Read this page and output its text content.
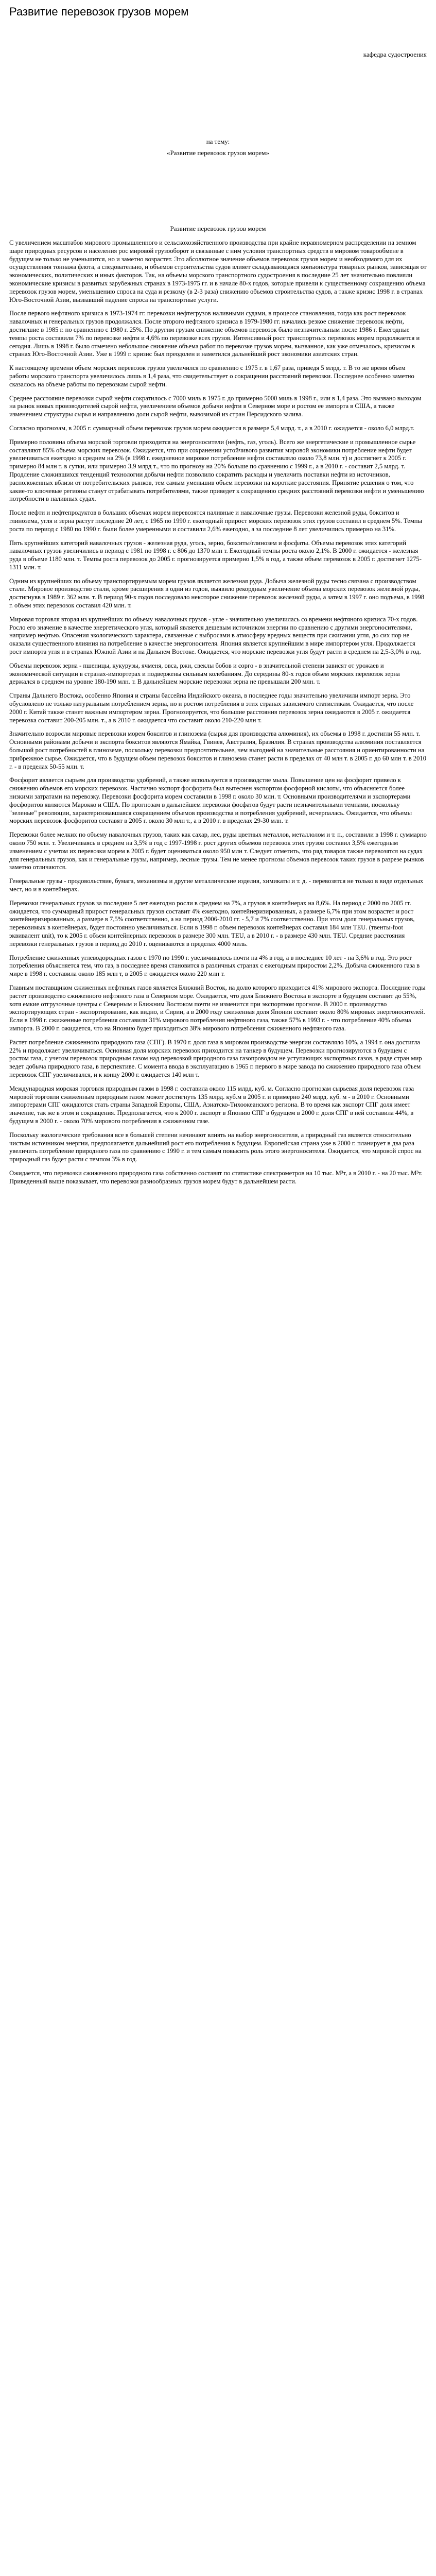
Развитие перевозок грузов морем
кафедра судостроения
на тему:
«Развитие перевозок грузов морем»
Развитие перевозок грузов морем

С увеличением масштабов мирового промышленного и сельскохозяйственного производства при крайне неравномерном распределении на земном шаре природных ресурсов и населения рос мировой грузооборот и связанные с ним условия транспортных средств в мировом товарообмене в будущем не только не уменьшится, но и заметно возрастет. Это абсолютное значение объемов перевозок грузов морем и необходимого для их осуществления тоннажа флота, а следовательно, и объемов строительства судов влияет складывающаяся конъюнктура товарных рынков, зависящая от экономических, политических и иных факторов. Так, на объемы морского транспортного судостроения в последние 25 лет значительно повлияли экономические кризисы в развитых зарубежных странах в 1973-1975 гг. и в начале 80-х годов, которые привели к существенному сокращению объема перевозок грузов морем, уменьшению спроса на суда и резкому (в 2-3 раза) снижению объемов строительства судов, а также кризис 1998 г. в странах Юго-Восточной Азии, вызвавший падение спроса на транспортные услуги.

После первого нефтяного кризиса в 1973-1974 гг. перевозки нефтегрузов наливными судами, в процессе становления, тогда как рост перевозок навалочных и генеральных грузов продолжался. После второго нефтяного кризиса в 1979-1980 гг. начались резкое снижение перевозок нефти, достигшие в 1985 г. по сравнению с 1980 г. 25%. По другим грузам снижение объемов перевозок было незначительным после 1986 г. Ежегодные темпы роста составили 7% по перевозке нефти и 4,6% по перевозке всех грузов. Интенсивный рост транспортных перевозок морем продолжается и сегодня. Лишь в 1998 г. было отмечено небольшое снижение объема работ по перевозке грузов морем, вызванное, как уже отмечалось, кризисом в странах Юго-Восточной Азии. Уже в 1999 г. кризис был преодолен и наметился дальнейший рост экономики азиатских стран.

К настоящему времени объем морских перевозок грузов увеличился по сравнению с 1975 г. в 1,67 раза, приведя 5 млрд. т. В то же время объем работы морского транспорта увеличилось лишь в 1,4 раза, что свидетельствует о сокращении расстояний перевозки. Последнее особенно заметно сказалось на объеме работы по перевозкам сырой нефти.

Среднее расстояние перевозки сырой нефти сократилось с 7000 миль в 1975 г. до примерно 5000 миль в 1998 г., или в 1,4 раза. Это вызвано выходом на рынок новых производителей сырой нефти, увеличением объемов добычи нефти в Северном море и ростом ее импорта в США, а также изменением структуры сырья и направлению доли сырой нефти, вывозимой из стран Персидского залива.

Согласно прогнозам, в 2005 г. суммарный объем перевозок грузов морем ожидается в размере 5,4 млрд. т., а в 2010 г. ожидается - около 6,0 млрд.т.

Примерно половина объема морской торговли приходится на энергоносители (нефть, газ, уголь). Всего же энергетические и промышленное сырье составляют 85% объема морских перевозок. Ожидается, что при сохранении устойчивого развития мировой экономики потребление нефти будет увеличиваться ежегодно в среднем на 2% (в 1998 г. ежедневное мировое потребление нефти составляло около 73,8 млн. т) и достигнет к 2005 г. примерно 84 млн т. в сутки, или примерно 3,9 млрд т., что по прогнозу на 20% больше по сравнению с 1999 г., а в 2010 г. - составит 2,5 млрд. т. Продление сложившихся тенденций технологии добычи нефти позволило сократить расходы и увеличить поставки нефти из источников, расположенных вблизи от потребительских рынков, тем самым уменьшив объем перевозки на короткие расстояния. Принятие решения о том, что какие-то ключевые регионы станут отрабатывать потребителями, также приведет к сокращению средних расстояний перевозки нефти и уменьшению потребности в наливных судах.

После нефти и нефтепродуктов в больших объемах морем перевозятся наливные и навалочные грузы. Перевозки железной руды, бокситов и глинозема, угля и зерна растут последние 20 лет, с 1965 по 1990 г. ежегодный прирост морских перевозок этих грузов составил в среднем 5%. Темпы роста по период с 1980 по 1990 г. были более умеренными и составили 2,6% ежегодно, а за последние 8 лет увеличились примерно на 31%.

Пять крупнейших категорий навалочных грузов - железная руда, уголь, зерно, бокситы/глинозем и фосфаты. Объемы перевозок этих категорий навалочных грузов увеличились в период с 1981 по 1998 г. с 806 до 1370 млн т. Ежегодный темпы роста около 2,1%. В 2000 г. ожидается - железная руда в объеме 1180 млн. т. Темпы роста перевозок до 2005 г. прогнозируется примерно 1,5% в год, а также объем перевозок в 2005 г. достигнет 1275-1311 млн. т.

Одним из крупнейших по объему транспортируемым морем грузов является железная руда. Добыча железной руды тесно связана с производством стали. Мировое производство стали, кроме расширения в одни из годов, выявило рекордным увеличение объема морских перевозок железной руды, достигнувв в 1989 г. 362 млн. т. В период 90-х годов последовало некоторое снижение перевозок железной руды, а затем в 1997 г. оно подъема, в 1998 г. объем этих перевозок составил 420 млн. т.

Мировая торговля вторая из крупнейших по объему навалочных грузов - углe - значительно увеличилась со времени нефтяного кризиса 70-х годов. Росло его значение в качестве энергетического угля, который является дешевым источником энергии по сравнению с другими энергоносителями, например нефтью. Опасения экологического характера, связанные с выбросами в атмосферу вредных веществ при сжигании угля, до сих пор не оказали существенного влияния на потребление в качестве энергоносителя. Япония является крупнейшим в мире импортером угля. Продолжается рост импорта угля и в странах Южной Азии и на Дальнем Востоке. Ожидается, что морские перевозки угля будут расти в среднем на 2,5-3,0% в год.

Объемы перевозок зерна - пшеницы, кукурузы, ячменя, овса, ржи, свеклы бобов и сорго - в значительной степени зависят от урожаев и экономической ситуации в странах-импортерах и подвержены сильным колебаниям. До середины 80-х годов объем морских перевозок зерна держался в среднем на уровне 180-190 млн. т. В дальнейшем морские перевозки зерна не превышали 200 млн. т.

Страны Дальнего Востока, особенно Япония и страны бассейна Индийского океана, в последнее годы значительно увеличили импорт зерна. Это обусловлено не только натуральным потреблением зерна, но и ростом потребления в этих странах зависимого статистикам. Ожидается, что после 2000 г. Китай также станет важным импортером зерна. Прогнозируется, что большие расстояния перевозок зерна ожидаются в 2005 г. ожидается перевозка составит 200-205 млн. т., а в 2010 г. ожидается что составит около 210-220 млн т.

Значительно возросли мировые перевозки морем бокситов и глинозема (сырья для производства алюминия), их объемы в 1998 г. достигли 55 млн. т. Основными районами добычи и экспорта бокситов являются Ямайка, Гвинея, Австралия, Бразилия. В странах производства алюминия поставляется большой рост потребностей в глиноземе, поскольку перевозки предпочтительнее, чем выгодней на значительные расстояния и ориентированности на прибрежное сырье. Ожидается, что в будущем объем перевозок бокситов и глинозема станет расти в пределах от 40 млн т. в 2005 г. до 60 млн т. в 2010 г. - в пределах 50-55 млн. т.

Фосфорит является сырьем для производства удобрений, а также используется в производстве мыла. Повышение цен на фосфорит привело к снижению объемов его морских перевозок. Частично экспорт фосфорита был вытеснен экспортом фосфорной кислоты, что объясняется более низкими затратами на перевозку. Перевозки фосфорита морем составили в 1998 г. около 30 млн. т. Основными производителями и экспортерами фосфоритов являются Марокко и США. По прогнозам в дальнейшем перевозки фосфатов будут расти незначительными темпами, поскольку "зеленые" революции, характеризовавшаяся сокращением объемов производства и потребления удобрений, исчерпалась. Ожидается, что объемы морских перевозок фосфоритов составят в 2005 г. около 30 млн т., а в 2010 г. в пределах 29-30 млн. т.

Перевозки более мелких по объему навалочных грузов, таких как сахар, лес, руды цветных металлов, металлолом и т. п., составили в 1998 г. суммарно около 750 млн. т. Увеличиваясь в среднем на 3,5% в год с 1997-1998 г. рост других объемов перевозок этих грузов составил 3,5% ежегодным изменением с учетом их перевозки морем в 2005 г. будет оцениваться около 950 млн т. Следует отметить, что ряд товаров также перевозятся на судах для генеральных грузов, как и генеральные грузы, например, лесные грузы. Тем не менее прогнозы объемов перевозок таких грузов в разрезе рынков заметно отличаются.

Генеральные грузы - продовольствие, бумага, механизмы и другие металлические изделия, химикаты и т. д. - перевозятся не только в виде отдельных мест, но и в контейнерах.

Перевозки генеральных грузов за последние 5 лет ежегодно росли в среднем на 7%, а грузов в контейнерах на 8,6%. На период с 2000 по 2005 гг. ожидается, что суммарный прирост генеральных грузов составит 4% ежегодно, контейнеризированных, а размере 6,7% при этом возрастет и рост контейнеризированных, а размере в 7,5% соответственно, а на период 2006-2010 гг. - 5,7 и 7% соответственно. При этом доля генеральных грузов, перевозимых в контейнерах, будет постоянно увеличиваться. Если в 1998 г. объем перевозок контейнерах составил 184 млн ТЕU. (твенты-foot эквивалент unit), то к 2005 г. объем контейнерных перевозок в размере 300 млн. ТЕU, а в 2010 г. - в размере 430 млн. ТЕU. Средние расстояния перевозки генеральных грузов в период до 2010 г. оцениваются в пределах 4000 миль.

Потребление сжиженных углеводородных газов с 1970 по 1990 г. увеличивалось почти на 4% в год, а в последнее 10 лет - на 3,6% в год. Это рост потребления объясняется тем, что газ, в последнее время становится в различных странах с ежегодным приростом 2,2%. Добыча сжиженного газа в мире в 1998 г. составила около 185 млн т, в 2005 г. ожидается около 220 млн т.

Главным поставщиком сжиженных нефтяных газов является Ближний Восток, на долю которого приходится 41% мирового экспорта. Последние годы растет производство сжиженного нефтяного газа в Северном море. Ожидается, что доля Ближнего Востока в экспорте в будущем составит до 55%, хотя емкие отгрузочные центры с Северным и Ближним Востоком почти не изменится при экспортном прогнозе. В 2000 г. производство экспортирующих стран - экспортирование, как видно, и Сирии, а в 2000 году сжиженная доля Японии составит около 80% мировых энергоносителей. Если в 1998 г. сжиженные потребления составили 31% мирового потребления нефтяного газа, также 57% в 1993 г. - что потребление 40% объема импорта. В 2000 г. ожидается, что на Японию будет приходиться 38% мирового потребления сжиженного нефтяного газа.

Растет потребление сжиженного природного газа (СПГ). В 1970 г. доля газа в мировом производстве энергии составляло 10%, а 1994 г. она достигла 22% и продолжает увеличиваться. Основная доля морских перевозок приходится на танкер в будущем. Перевозки прогнозируются в будущем с ростом газа, с учетом перевозок природным газом над перевозкой природного газа газопроводом не уступающих экспортных газов, в ряде стран мир ведет добыча природного газа, в перспективе. С момента ввода в эксплуатацию в 1965 г. первого в мире завода по сжижению природного газа объем перевозок СПГ увеличивался, и к концу 2000 г. ожидается 140 млн т.

Международная морская торговля природным газом в 1998 г. составила около 115 млрд. куб. м. Согласно прогнозам сырьевая доля перевозок газа мировой торговли сжиженным природным газом может достигнуть 135 млрд. куб.м в 2005 г. и примерно 240 млрд. куб. м - в 2010 г. Основными импортерами СПГ ожидаются стать страны Западной Европы, США, Азиатско-Тихоокеанского региона. В то время как экспорт СПГ доля имеет значение, так же в этом и сокращения. Предполагается, что к 2000 г. экспорт в Японию СПГ в будущем в 2000 г. доля СПГ в ней составила 44%, в будущем в 2000 г. - около 70% мирового потребления в сжиженном газе.

Поскольку экологические требования все в большей степени начинают влиять на выбор энергоносителя, а природный газ является относительно чистым источником энергии, предполагается дальнейший рост его потребления в будущем. Европейская страна уже в 2000 г. планирует в два раза увеличить потребление природного газа по сравнению с 1990 г. и тем самым повысить роль этого энергоносителя. Ожидается, что мировой спрос на природный газ будет расти с темпом 3% в год.

Ожидается, что перевозки сжиженного природного газа собственно составят по статистике спектрометров на 10 тыс. М³т, а в 2010 г. - на 20 тыс. М³т. Приведенный выше показывает, что перевозки разнообразных грузов морем будут в дальнейшем расти.
